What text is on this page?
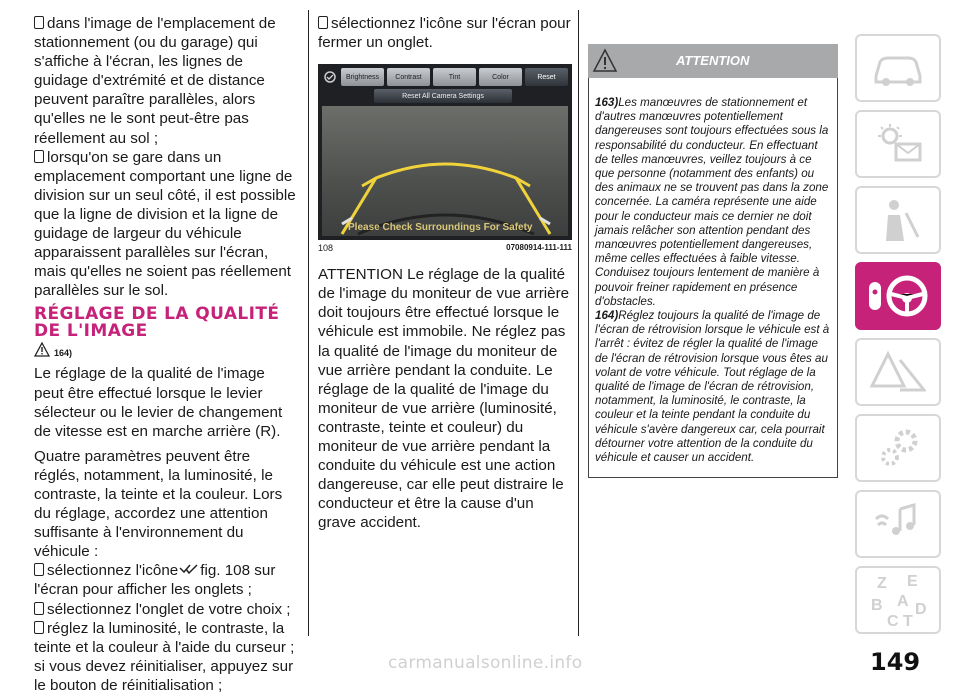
dans l'image de l'emplacement de stationnement (ou du garage) qui s'affiche à l'écran, les lignes de guidage d'extrémité et de distance peuvent paraître parallèles, alors qu'elles ne le sont peut-être pas réellement au sol ;

lorsqu'on se gare dans un emplacement comportant une ligne de division sur un seul côté, il est possible que la ligne de division et la ligne de guidage de largeur du véhicule apparaissent parallèles sur l'écran, mais qu'elles ne soient pas réellement parallèles sur le sol.

RÉGLAGE DE LA QUALITÉ DE L'IMAGE
164)

Le réglage de la qualité de l'image peut être effectué lorsque le levier sélecteur ou le levier de changement de vitesse est en marche arrière (R).

Quatre paramètres peuvent être réglés, notamment, la luminosité, le contraste, la teinte et la couleur. Lors du réglage, accordez une attention suffisante à l'environnement du véhicule :

sélectionnez l'icône fig. 108 sur l'écran pour afficher les onglets ;

sélectionnez l'onglet de votre choix ;

réglez la luminosité, le contraste, la teinte et la couleur à l'aide du curseur ; si vous devez réinitialiser, appuyez sur le bouton de réinitialisation ;

sélectionnez l'icône sur l'écran pour fermer un onglet.

Brightness	Contrast	Tint	Color	Reset
Reset All Camera Settings
Please Check Surroundings For Safety
108	07080914-111-111

ATTENTION Le réglage de la qualité de l'image du moniteur de vue arrière doit toujours être effectué lorsque le véhicule est immobile. Ne réglez pas la qualité de l'image du moniteur de vue arrière pendant la conduite. Le réglage de la qualité de l'image du moniteur de vue arrière (luminosité, contraste, teinte et couleur) du moniteur de vue arrière pendant la conduite du véhicule est une action dangereuse, car elle peut distraire le conducteur et être la cause d'un grave accident.

ATTENTION

163)Les manœuvres de stationnement et d'autres manœuvres potentiellement dangereuses sont toujours effectuées sous la responsabilité du conducteur. En effectuant de telles manœuvres, veillez toujours à ce que personne (notamment des enfants) ou des animaux ne se trouvent pas dans la zone concernée. La caméra représente une aide pour le conducteur mais ce dernier ne doit jamais relâcher son attention pendant des manœuvres potentiellement dangereuses, même celles effectuées à faible vitesse. Conduisez toujours lentement de manière à pouvoir freiner rapidement en présence d'obstacles.

164)Réglez toujours la qualité de l'image de l'écran de rétrovision lorsque le véhicule est à l'arrêt : évitez de régler la qualité de l'image de l'écran de rétrovision lorsque vous êtes au volant de votre véhicule. Tout réglage de la qualité de l'image de l'écran de rétrovision, notamment, la luminosité, le contraste, la couleur et la teinte pendant la conduite du véhicule s'avère dangereux car, cela pourrait détourner votre attention de la conduite du véhicule et causer un accident.

Z E
B A
C T
D
149
carmanualsonline.info
